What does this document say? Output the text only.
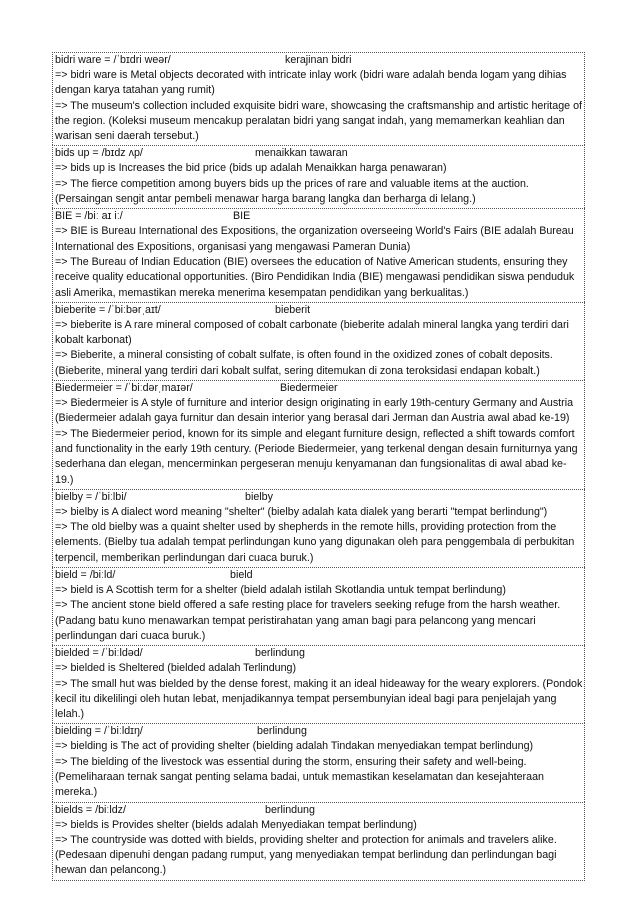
bidri ware = /ˈbɪdri weər/	kerajinan bidri
=> bidri ware is Metal objects decorated with intricate inlay work (bidri ware adalah benda logam yang dihias dengan karya tatahan yang rumit)
=> The museum's collection included exquisite bidri ware, showcasing the craftsmanship and artistic heritage of the region. (Koleksi museum mencakup peralatan bidri yang sangat indah, yang memamerkan keahlian dan warisan seni daerah tersebut.)
bids up = /bɪdz ʌp/	menaikkan tawaran
=> bids up is Increases the bid price (bids up adalah Menaikkan harga penawaran)
=> The fierce competition among buyers bids up the prices of rare and valuable items at the auction. (Persaingan sengit antar pembeli menawar harga barang langka dan berharga di lelang.)
BIE = /biː aɪ iː/	BIE
=> BIE is Bureau International des Expositions, the organization overseeing World's Fairs (BIE adalah Bureau International des Expositions, organisasi yang mengawasi Pameran Dunia)
=> The Bureau of Indian Education (BIE) oversees the education of Native American students, ensuring they receive quality educational opportunities. (Biro Pendidikan India (BIE) mengawasi pendidikan siswa penduduk asli Amerika, memastikan mereka menerima kesempatan pendidikan yang berkualitas.)
bieberite = /ˈbiːbərˌaɪt/	bieberit
=> bieberite is A rare mineral composed of cobalt carbonate (bieberite adalah mineral langka yang terdiri dari kobalt karbonat)
=> Bieberite, a mineral consisting of cobalt sulfate, is often found in the oxidized zones of cobalt deposits. (Bieberite, mineral yang terdiri dari kobalt sulfat, sering ditemukan di zona teroksidasi endapan kobalt.)
Biedermeier = /ˈbiːdərˌmaɪər/	Biedermeier
=> Biedermeier is A style of furniture and interior design originating in early 19th-century Germany and Austria (Biedermeier adalah gaya furnitur dan desain interior yang berasal dari Jerman dan Austria awal abad ke-19)
=> The Biedermeier period, known for its simple and elegant furniture design, reflected a shift towards comfort and functionality in the early 19th century. (Periode Biedermeier, yang terkenal dengan desain furniturnya yang sederhana dan elegan, mencerminkan pergeseran menuju kenyamanan dan fungsionalitas di awal abad ke-19.)
bielby = /ˈbiːlbi/	bielby
=> bielby is A dialect word meaning "shelter" (bielby adalah kata dialek yang berarti "tempat berlindung")
=> The old bielby was a quaint shelter used by shepherds in the remote hills, providing protection from the elements. (Bielby tua adalah tempat perlindungan kuno yang digunakan oleh para penggembala di perbukitan terpencil, memberikan perlindungan dari cuaca buruk.)
bield = /biːld/	bield
=> bield is A Scottish term for a shelter (bield adalah istilah Skotlandia untuk tempat berlindung)
=> The ancient stone bield offered a safe resting place for travelers seeking refuge from the harsh weather. (Padang batu kuno menawarkan tempat peristirahatan yang aman bagi para pelancong yang mencari perlindungan dari cuaca buruk.)
bielded = /ˈbiːldəd/	berlindung
=> bielded is Sheltered (bielded adalah Terlindung)
=> The small hut was bielded by the dense forest, making it an ideal hideaway for the weary explorers. (Pondok kecil itu dikelilingi oleh hutan lebat, menjadikannya tempat persembunyian ideal bagi para penjelajah yang lelah.)
bielding = /ˈbiːldɪŋ/	berlindung
=> bielding is The act of providing shelter (bielding adalah Tindakan menyediakan tempat berlindung)
=> The bielding of the livestock was essential during the storm, ensuring their safety and well-being. (Pemeliharaan ternak sangat penting selama badai, untuk memastikan keselamatan dan kesejahteraan mereka.)
bields = /biːldz/	berlindung
=> bields is Provides shelter (bields adalah Menyediakan tempat berlindung)
=> The countryside was dotted with bields, providing shelter and protection for animals and travelers alike. (Pedesaan dipenuhi dengan padang rumput, yang menyediakan tempat berlindung dan perlindungan bagi hewan dan pelancong.)
